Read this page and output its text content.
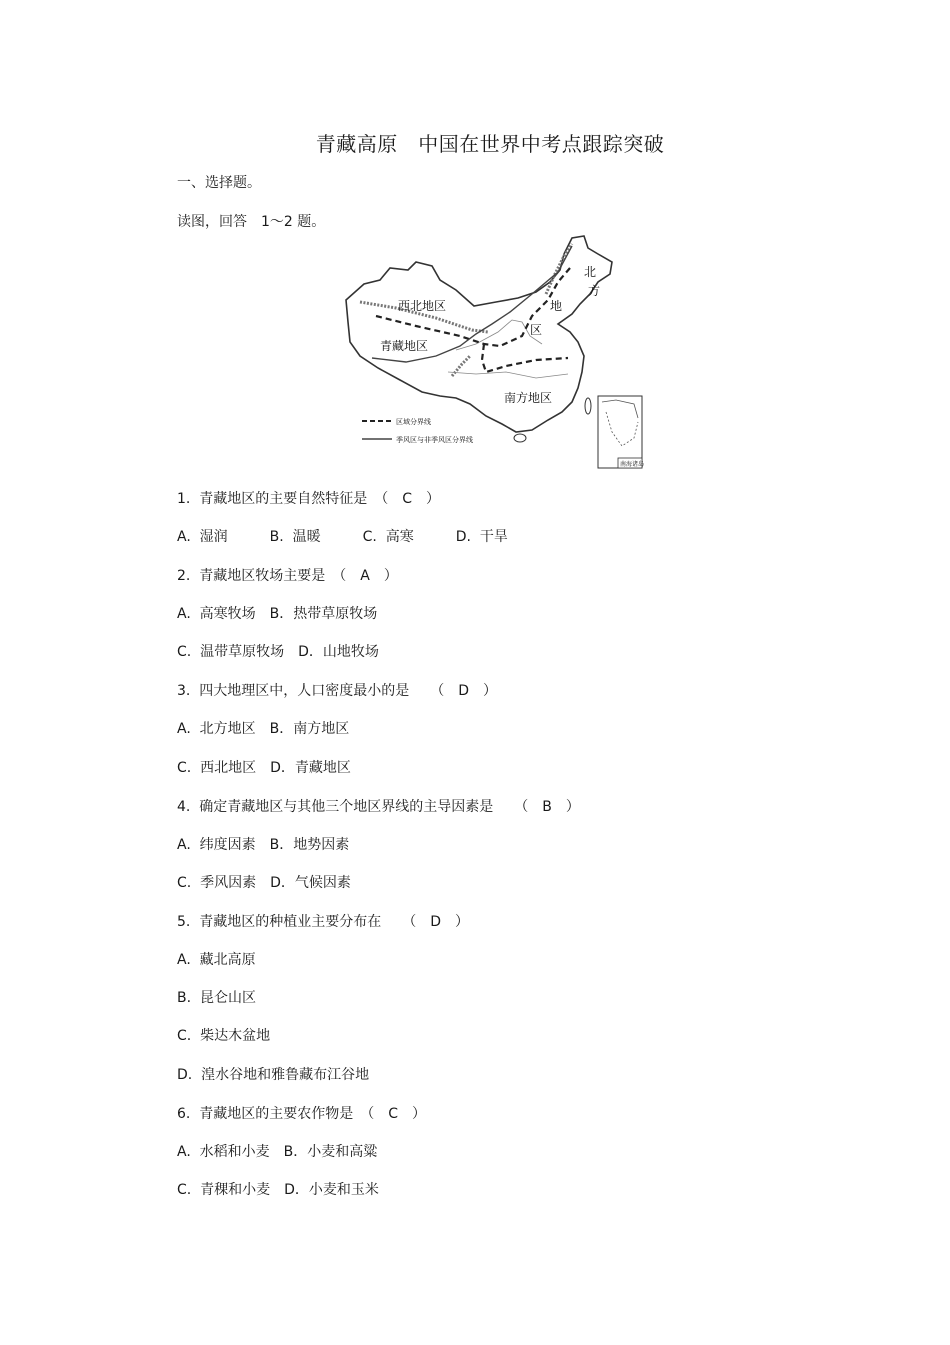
青藏高原　中国在世界中考点跟踪突破
一、选择题。
读图，回答　1～2 题。
西北地区
青藏地区
南方地区
北
方
地
区
区域分界线
季风区与非季风区分界线
南海诸岛
1.  青藏地区的主要自然特征是　（　C　）
A.  湿润　　　B.  温暖　　　C.  高寒　　　D.  干旱
2.  青藏地区牧场主要是　（　A　）
A.  高寒牧场　B．热带草原牧场
C.  温带草原牧场　D．山地牧场
3.  四大地理区中，人口密度最小的是　　（　D　）
A.  北方地区　B．南方地区
C.  西北地区　D．青藏地区
4.  确定青藏地区与其他三个地区界线的主导因素是　　（　B　）
A.  纬度因素　B．地势因素
C.  季风因素　D．气候因素
5.  青藏地区的种植业主要分布在　　（　D　）
A.  藏北高原
B.  昆仑山区
C.  柴达木盆地
D.  湟水谷地和雅鲁藏布江谷地
6.  青藏地区的主要农作物是　（　C　）
A.  水稻和小麦　B．小麦和高粱
C.  青稞和小麦　D．小麦和玉米
